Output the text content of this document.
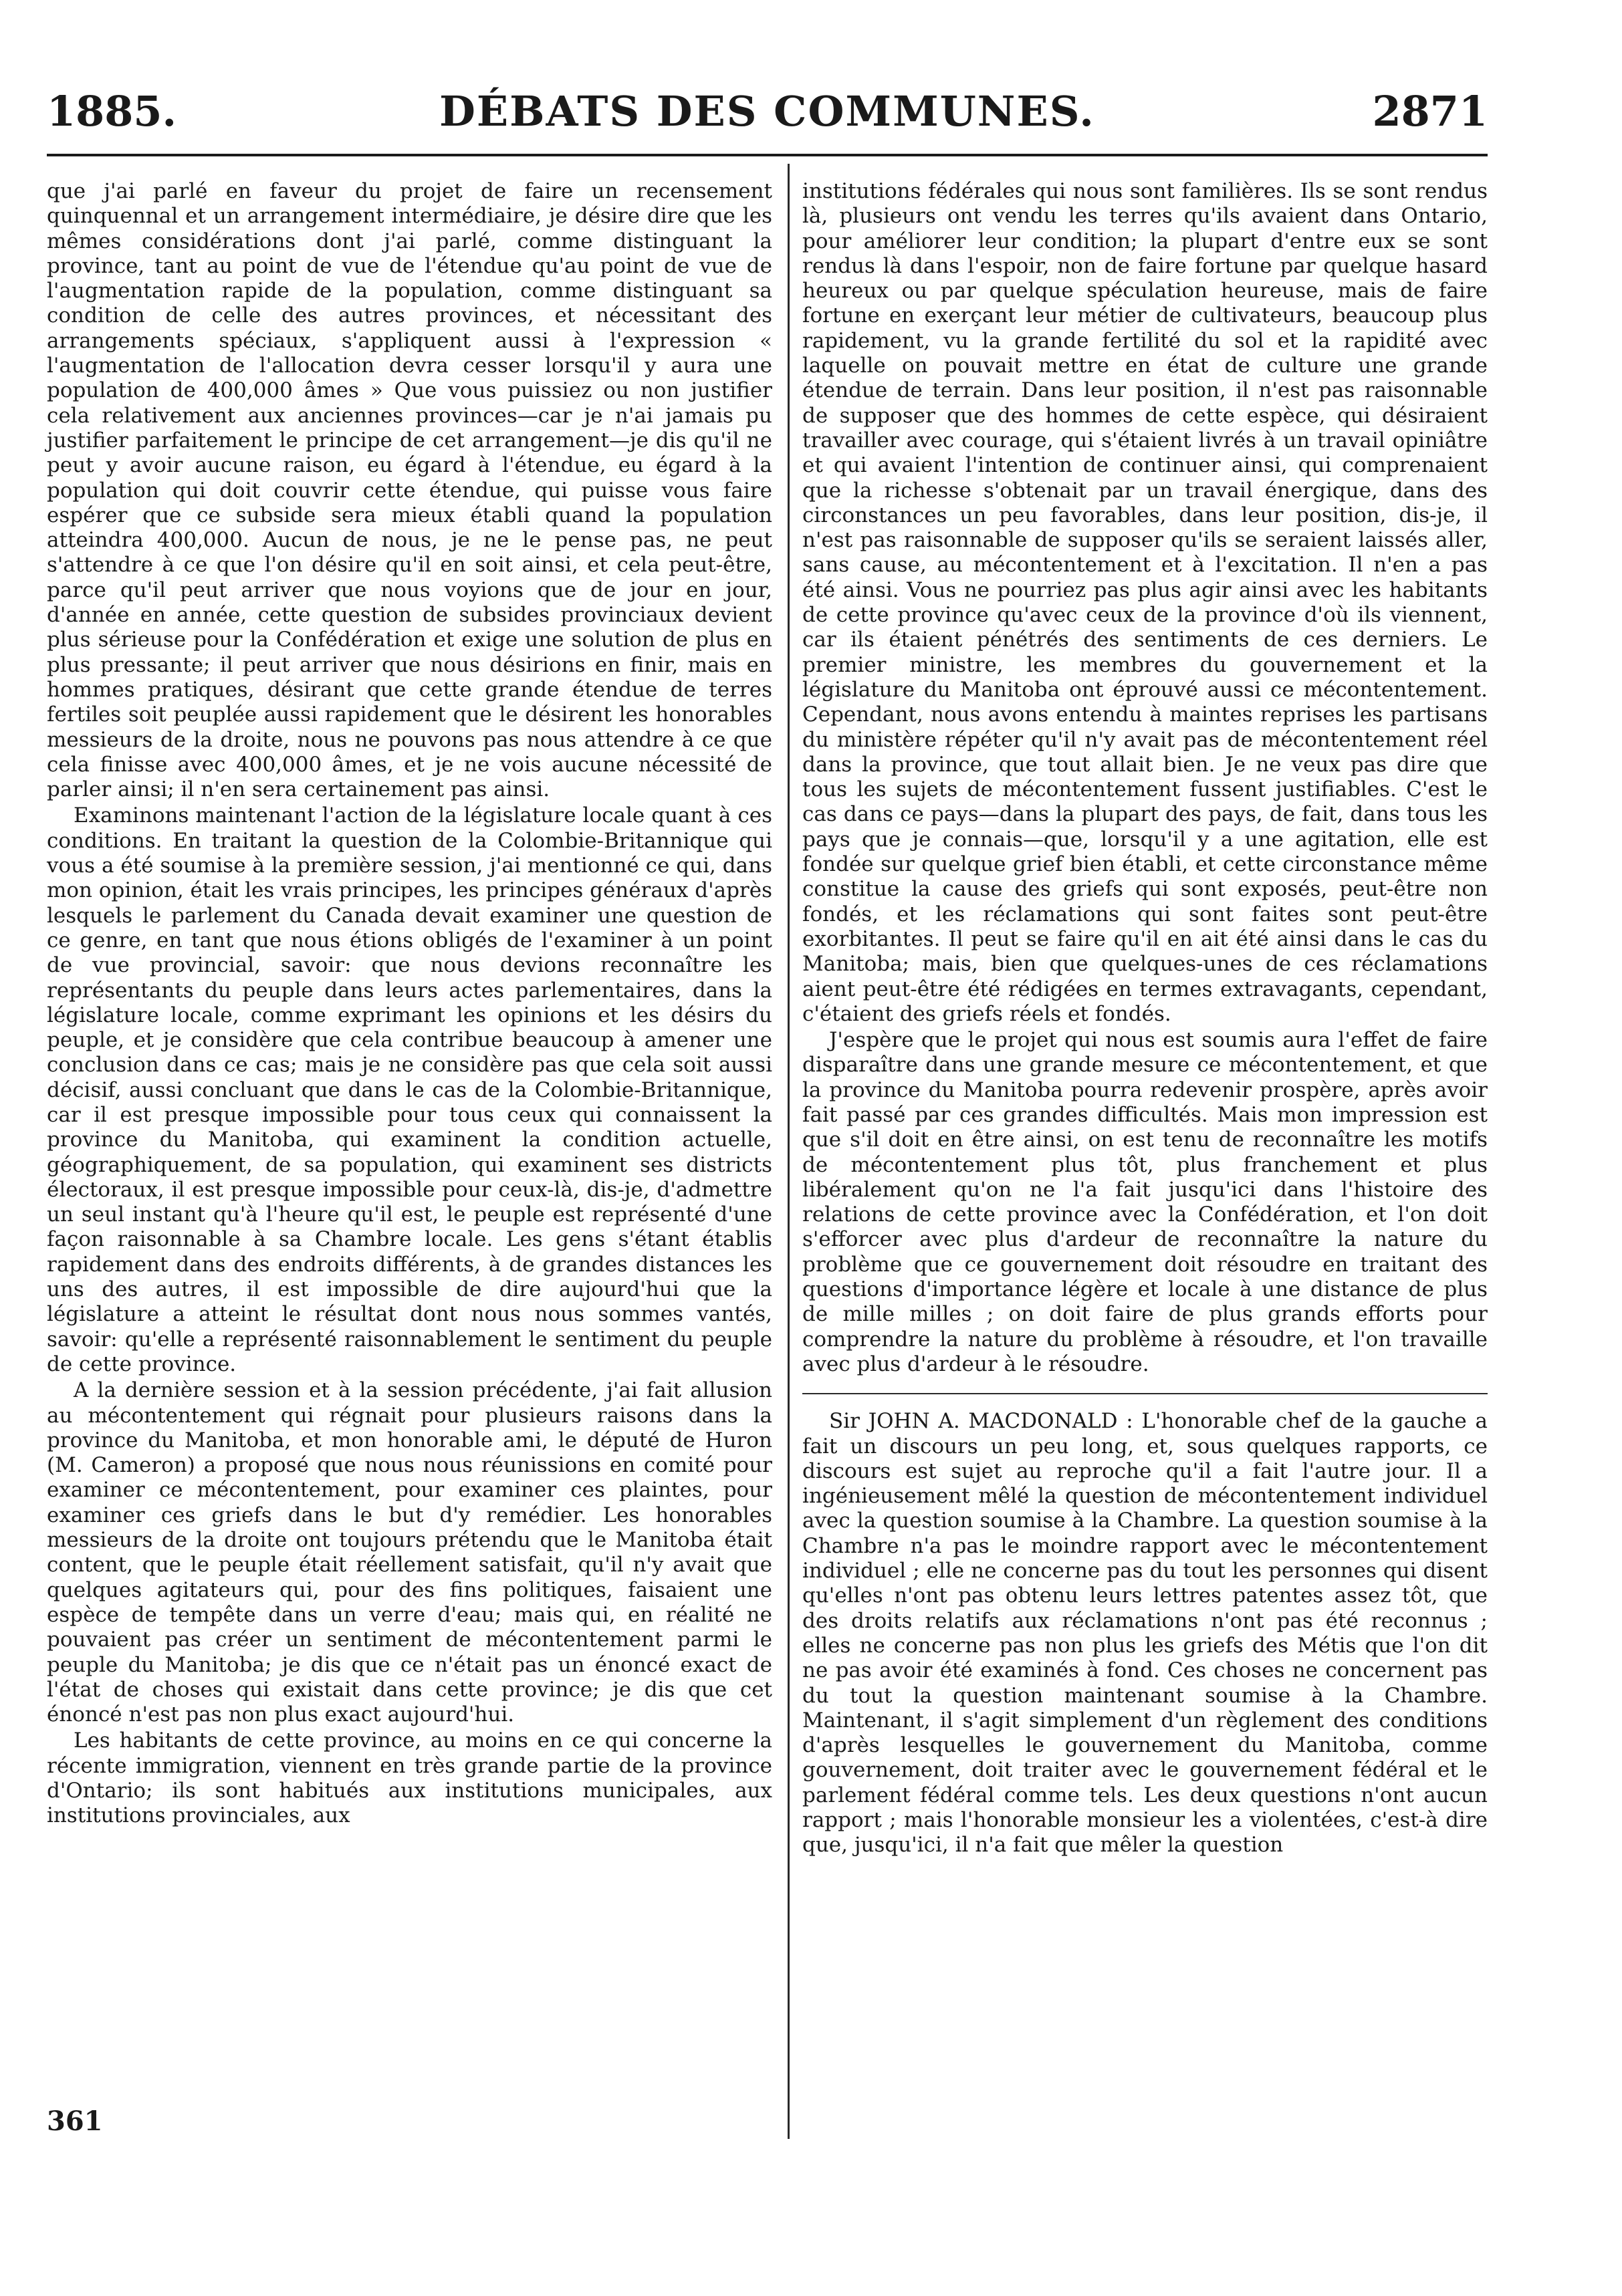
DÉBATS DES COMMUNES.
1885.	2871

que j'ai parlé en faveur du projet de faire un recensement quinquennal et un arrangement intermédiaire, je désire dire que les mêmes considérations dont j'ai parlé, comme distinguant la province, tant au point de vue de l'étendue qu'au point de vue de l'augmentation rapide de la population, comme distinguant sa condition de celle des autres provinces, et nécessitant des arrangements spéciaux, s'appliquent aussi à l'expression « l'augmentation de l'allocation devra cesser lorsqu'il y aura une population de 400,000 âmes » Que vous puissiez ou non justifier cela relativement aux anciennes provinces—car je n'ai jamais pu justifier parfaitement le principe de cet arrangement—je dis qu'il ne peut y avoir aucune raison, eu égard à l'étendue, eu égard à la population qui doit couvrir cette étendue, qui puisse vous faire espérer que ce subside sera mieux établi quand la population atteindra 400,000. Aucun de nous, je ne le pense pas, ne peut s'attendre à ce que l'on désire qu'il en soit ainsi, et cela peut-être, parce qu'il peut arriver que nous voyions que de jour en jour, d'année en année, cette question de subsides provinciaux devient plus sérieuse pour la Confédération et exige une solution de plus en plus pressante; il peut arriver que nous désirions en finir, mais en hommes pratiques, désirant que cette grande étendue de terres fertiles soit peuplée aussi rapidement que le désirent les honorables messieurs de la droite, nous ne pouvons pas nous attendre à ce que cela finisse avec 400,000 âmes, et je ne vois aucune nécessité de parler ainsi; il n'en sera certainement pas ainsi.

Examinons maintenant l'action de la législature locale quant à ces conditions. En traitant la question de la Colombie-Britannique qui vous a été soumise à la première session, j'ai mentionné ce qui, dans mon opinion, était les vrais principes, les principes généraux d'après lesquels le parlement du Canada devait examiner une question de ce genre, en tant que nous étions obligés de l'examiner à un point de vue provincial, savoir: que nous devions reconnaître les représentants du peuple dans leurs actes parlementaires, dans la législature locale, comme exprimant les opinions et les désirs du peuple, et je considère que cela contribue beaucoup à amener une conclusion dans ce cas; mais je ne considère pas que cela soit aussi décisif, aussi concluant que dans le cas de la Colombie-Britannique, car il est presque impossible pour tous ceux qui connaissent la province du Manitoba, qui examinent la condition actuelle, géographiquement, de sa population, qui examinent ses districts électoraux, il est presque impossible pour ceux-là, dis-je, d'admettre un seul instant qu'à l'heure qu'il est, le peuple est représenté d'une façon raisonnable à sa Chambre locale. Les gens s'étant établis rapidement dans des endroits différents, à de grandes distances les uns des autres, il est impossible de dire aujourd'hui que la législature a atteint le résultat dont nous nous sommes vantés, savoir: qu'elle a représenté raisonnablement le sentiment du peuple de cette province.

A la dernière session et à la session précédente, j'ai fait allusion au mécontentement qui régnait pour plusieurs raisons dans la province du Manitoba, et mon honorable ami, le député de Huron (M. Cameron) a proposé que nous nous réunissions en comité pour examiner ce mécontentement, pour examiner ces plaintes, pour examiner ces griefs dans le but d'y remédier. Les honorables messieurs de la droite ont toujours prétendu que le Manitoba était content, que le peuple était réellement satisfait, qu'il n'y avait que quelques agitateurs qui, pour des fins politiques, faisaient une espèce de tempête dans un verre d'eau; mais qui, en réalité ne pouvaient pas créer un sentiment de mécontentement parmi le peuple du Manitoba; je dis que ce n'était pas un énoncé exact de l'état de choses qui existait dans cette province; je dis que cet énoncé n'est pas non plus exact aujourd'hui.

Les habitants de cette province, au moins en ce qui concerne la récente immigration, viennent en très grande partie de la province d'Ontario; ils sont habitués aux institutions municipales, aux institutions provinciales, aux

institutions fédérales qui nous sont familières. Ils se sont rendus là, plusieurs ont vendu les terres qu'ils avaient dans Ontario, pour améliorer leur condition; la plupart d'entre eux se sont rendus là dans l'espoir, non de faire fortune par quelque hasard heureux ou par quelque spéculation heureuse, mais de faire fortune en exerçant leur métier de cultivateurs, beaucoup plus rapidement, vu la grande fertilité du sol et la rapidité avec laquelle on pouvait mettre en état de culture une grande étendue de terrain. Dans leur position, il n'est pas raisonnable de supposer que des hommes de cette espèce, qui désiraient travailler avec courage, qui s'étaient livrés à un travail opiniâtre et qui avaient l'intention de continuer ainsi, qui comprenaient que la richesse s'obtenait par un travail énergique, dans des circonstances un peu favorables, dans leur position, dis-je, il n'est pas raisonnable de supposer qu'ils se seraient laissés aller, sans cause, au mécontentement et à l'excitation. Il n'en a pas été ainsi. Vous ne pourriez pas plus agir ainsi avec les habitants de cette province qu'avec ceux de la province d'où ils viennent, car ils étaient pénétrés des sentiments de ces derniers. Le premier ministre, les membres du gouvernement et la législature du Manitoba ont éprouvé aussi ce mécontentement. Cependant, nous avons entendu à maintes reprises les partisans du ministère répéter qu'il n'y avait pas de mécontentement réel dans la province, que tout allait bien. Je ne veux pas dire que tous les sujets de mécontentement fussent justifiables. C'est le cas dans ce pays—dans la plupart des pays, de fait, dans tous les pays que je connais—que, lorsqu'il y a une agitation, elle est fondée sur quelque grief bien établi, et cette circonstance même constitue la cause des griefs qui sont exposés, peut-être non fondés, et les réclamations qui sont faites sont peut-être exorbitantes. Il peut se faire qu'il en ait été ainsi dans le cas du Manitoba; mais, bien que quelques-unes de ces réclamations aient peut-être été rédigées en termes extravagants, cependant, c'étaient des griefs réels et fondés.

J'espère que le projet qui nous est soumis aura l'effet de faire disparaître dans une grande mesure ce mécontentement, et que la province du Manitoba pourra redevenir prospère, après avoir fait passé par ces grandes difficultés. Mais mon impression est que s'il doit en être ainsi, on est tenu de reconnaître les motifs de mécontentement plus tôt, plus franchement et plus libéralement qu'on ne l'a fait jusqu'ici dans l'histoire des relations de cette province avec la Confédération, et l'on doit s'efforcer avec plus d'ardeur de reconnaître la nature du problème que ce gouvernement doit résoudre en traitant des questions d'importance légère et locale à une distance de plus de mille milles ; on doit faire de plus grands efforts pour comprendre la nature du problème à résoudre, et l'on travaille avec plus d'ardeur à le résoudre.

Sir JOHN A. MACDONALD : L'honorable chef de la gauche a fait un discours un peu long, et, sous quelques rapports, ce discours est sujet au reproche qu'il a fait l'autre jour. Il a ingénieusement mêlé la question de mécontentement individuel avec la question soumise à la Chambre. La question soumise à la Chambre n'a pas le moindre rapport avec le mécontentement individuel ; elle ne concerne pas du tout les personnes qui disent qu'elles n'ont pas obtenu leurs lettres patentes assez tôt, que des droits relatifs aux réclamations n'ont pas été reconnus ; elles ne concerne pas non plus les griefs des Métis que l'on dit ne pas avoir été examinés à fond. Ces choses ne concernent pas du tout la question maintenant soumise à la Chambre. Maintenant, il s'agit simplement d'un règlement des conditions d'après lesquelles le gouvernement du Manitoba, comme gouvernement, doit traiter avec le gouvernement fédéral et le parlement fédéral comme tels. Les deux questions n'ont aucun rapport ; mais l'honorable monsieur les a violentées, c'est-à dire que, jusqu'ici, il n'a fait que mêler la question

361
